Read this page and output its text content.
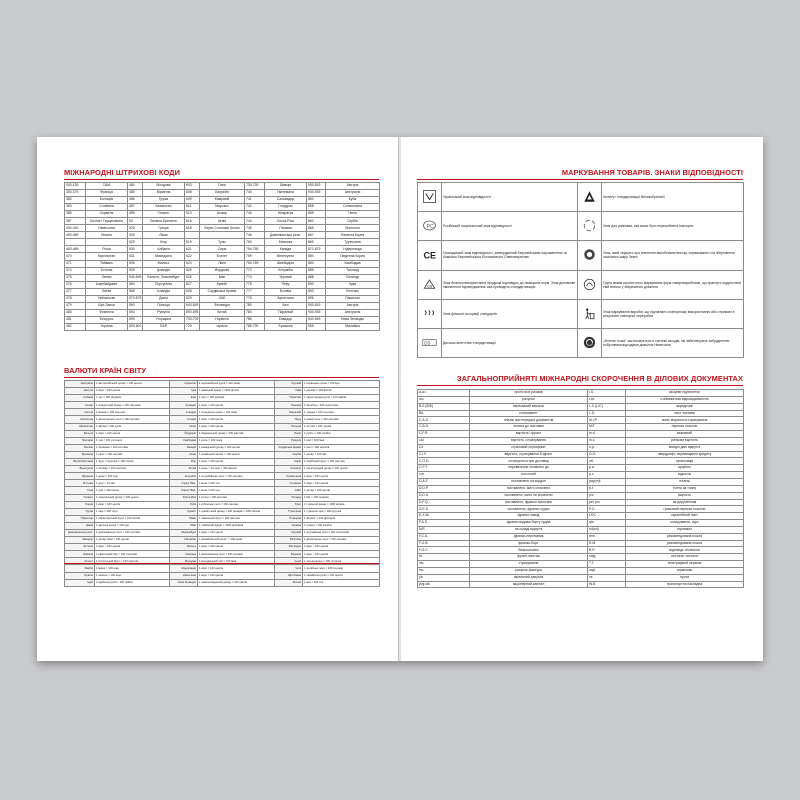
МІЖНАРОДНІ ШТРИХОВІ КОДИ
000-139	США	484	Молдова	603	Гана	730-739	Швеція	900-919	Австрія
300-379	Франція	485	Вірменія	608	Бахрейн	740	Гватемала	930-939	Австралія
380	Болгарія	486	Грузія	609	Маврикій	741	Сальвадор	850	Куба
383	Словенія	487	Казахстан	611	Марокко	742	Гондурас	858	Словаччина
385	Хорватія	489	Гонконг	613	Алжир	743	Нікарагуа	859	Чехія
387	Боснія і Герцеговина	50	Велика Британія	616	Кенія	744	Коста-Ріка	860	Сербія
400-440	Німеччина	520	Греція	618	Берег Слонової Кістки	745	Панама	865	Монголія
450-459	Японія	528	Ліван			746	Домініканська респ.	867	Північна Корея
		529	Кіпр	619	Туніс	750	Мексика	869	Туреччина
460-469	Росія	530	Албанія	621	Сирія	754-755	Канада	870-879	Нідерланди
470	Киргизстан	531	Македонія	622	Єгипет	759	Венесуела	880	Південна Корея
471	Тайвань	535	Мальта	624	Лівія	760-769	Швейцарія	884	Камбоджа
474	Естонія	539	Ірландія	625	Йорданія	770	Колумбія	885	Таїланд
475	Латвія	540-549	Бельгія, Люксембург	626	Іран	773	Уругвай	888	Сінгапур
476	Азербайджан	560	Португалія	627	Кувейт	775	Перу	890	Індія
477	Литва	569	Ісландія	628	Саудівська Аравія	777	Болівія	893	В'єтнам
478	Узбекистан	570-579	Данія	629	ОАЕ	779	Аргентина	896	Пакистан
479	Шрі-Ланка	590	Польща	640-649	Фінляндія	780	Чилі	900-919	Австрія
480	Філіппіни	594	Румунія	690-695	Китай	784	Парагвай	930-939	Австралія
481	Білорусь	599	Угорщина	700-709	Норвегія	786	Еквадор	940-949	Нова Зеландія
482	Україна	600-601	ПАР	729	Ізраїль	789-790	Бразилія	955	Малайзія
ВАЛЮТИ КРАЇН СВІТУ
Австралія	1 австралійський долар = 100 центів	Індонезія	1 індонезійська рупія = 100 сенів	Уругвай	1 норвезька крона = 100 ере
Австрія	1 євро = 100 центів	Ірак	1 іракський динар = 1000 філсів	ОАЕ	1 дирхам = 100 філсів
Албанія	1 лек = 100 кіндарок	Іран	1 ріал = 100 динарів	Пакистан	1 пакистанська рупія = 100 пайсів
Алжир	1 алжирський динар = 100 сантимів	Ірландія	1 євро = 100 центів	Панама	1 бальбоа = 100 сентесимо
Ангола	1 кванза = 100 сентимо	Ісландія	1 ісландська крона = 100 ейре	Парагвай	1 гуарані = 100 сентимо
Аргентина	1 аргентинське песо = 100 сентаво	Іспанія	1 євро = 100 центів	Перу	1 новий соль = 100 сентимо
Афганістан	1 афгані = 100 пулів	Італія	1 євро = 100 центів	Польща	1 злотий = 100 грошів
Бельгія	1 євро = 100 центів	Йорданія	1 йорданський динар = 100 піастрів	Росія	1 рубль = 100 копійок
Болгарія	1 лев = 100 стотинок	Камбоджа	1 рієль = 100 сенів	Румунія	1 лей = 100 бані
Болівія	1 болівіано = 100 сентаво	Канада	1 канадський долар = 100 центів	Саудівська Аравія	1 ріал = 100 халалів
Бразилія	1 реал = 100 сентаво	Кенія	1 кенійський шилінг = 100 центів	Сербія	1 динар = 100 пар
Великобританія	1 фунт стерлінгів = 100 пенсів	Кіпр	1 євро = 100 центів	Сирія	1 сирійський фунт = 100 піастрів
Венесуела	1 боліваp = 100 сентимо	Китай	1 юань = 10 цзяо = 100 феней	Сінгапур	1 сінгапурський долар = 100 центів
Вірменія	1 драм = 100 лум	Колумбія	1 колумбійське песо = 100 сентаво	Словаччина	1 євро = 100 центів
В'єтнам	1 донг = 10 хао	Корея Півн.	1 вона = 100 чон	Словенія	1 євро = 100 центів
Гана	1 седі = 100 песев	Корея Півд.	1 вона = 100 чон	США	1 долар = 100 центів
Гонконг	1 гонконгський долар = 100 центів	Коста-Ріка	1 колон = 100 сентимо	Таїланд	1 бат = 100 сатангів
Греція	1 євро = 100 центів	Куба	1 кубинське песо = 100 сентаво	Туніс	1 туніський динар = 1000 мілімів
Грузія	1 ларі = 100 тетрі	Кувейт	1 кувейтський динар = 100 динарів = 1000 філсів	Туреччина	1 турецька ліра = 100 курушів
Гібралтар	1 гібралтарський фунт = 100 пенсів	Ліван	1 ліванський фунт = 100 піастрів	Угорщина	1 форинт = 100 філлерів
Данія	1 данська крона = 100 ере	Лівія	1 лівійський динар = 1000 дирхамів	Україна	1 гривня = 100 копійок
Домініканська респ.	1 домініканське песо = 100 сентаво	Люксембург	1 євро = 100 центів	Уругвай	1 уругвайське песо = 100 сентесимо
Еквадор	1 долар США = 100 центів	Малайзія	1 малайзійський рингіт = 100 сенів	Філіппіни	1 філіппінське песо = 100 сентаво
Естонія	1 євро = 100 центів	Мальта	1 євро = 100 центів	Фінляндія	1 євро = 100 центів
Ефіопія	1 ефіопський бир = 100 сантимів	Мексика	1 мексиканське песо = 100 сентаво	Франція	1 євро = 100 центів
Єгипет	1 єгипетський фунт = 100 піастрів	Молдова	1 молдавський лей = 100 бані	Чехія	1 чеська крона = 100 геллерів
Замбія	1 квача = 100 нгве	Нідерланди	1 євро = 100 центів	Чилі	1 чилійське песо = 100 сентаво
Ізраїль	1 шекель = 100 агор	Німеччина	1 євро = 100 центів	Шрі-Ланка	1 ланкійська рупія = 100 центів
Індія	1 індійська рупія = 100 пайсів	Нова Зеландія	1 новозеландський долар = 100 центів	Японія	1 єна = 100 сен
МАРКУВАННЯ ТОВАРІВ. ЗНАКИ ВІДПОВІДНОСТІ
	Український знак відповідності		Інститут стандартизації Великобританії

РС	Російський національний знак відповідності		Знак для упаковки, яка може бути перероблена повторно

CE	Громадський знак відповідності, затверджений Європейським парламентом та Комісією Європейського Економічного Співтовариства		Знак, який свідчить про внесення виробником внеску, спрямованого на збереження озонового шару Землі

GS	Знак безпеки використання продукції відповідно до німецьких норм. Знак допоможе хвилинного підтвердження, яка проводить стандартизацію		Група знаків екологічного маркування фірм-товаровиробників, що прагнуть підкреслити свій внесок у збереження довкілля
	Знак фінської асоціації стандартів		Знак маркування виробів, що підлягають повторному використанню або отримані в результаті повторної переробки

DS	Датська агентство стандартизації		„Зелена точка" застосовується в системі заходів, які забезпечують забрудненню побутовими відходами довкілля Німеччини
ЗАГАЛЬНОПРИЙНЯТІ МІЖНАРОДНІ СКОРОЧЕННЯ В ДІЛОВИХ ДОКУМЕНТАХ
a.a.r.	проти всіх ризиків	I.S.	місцеве піднесення
a/c	рахунок	Ltd.	з обмеженою відповідальністю
B.E.(B/E)	переказний вексель	L.C.(L/C)	акредитив
B/L	коносамент	L.D.	лист застави
C.A.D.	платіж при передачі документів	M.I.P.	поліс морського страхування
C.B.D.	оплата до поставки	M/T	переказ поштою
C.F.R.	вартість і фрахт	m.d.	взаємний
c&i	вартість і страхування	m.v.	ринкова вартість
C/I	страховий сертифікат	n.p.	вихідні дані відсутні
C.I.F.	вартість, страхування й фрахт	O.D.	овердрафт, перевищення кредиту
C.O.D.	сплачується при доставці	off.	пропозиція
C.P.T.	перевезення сплачено до	p.a.	щорічно
cur.	поточний	p.c.	відсоток
D.A.F.	поставлено на кордон	pay(m)t	платіж
D.D.P.	поставлено, мито сплачено	p.t.	тонна за тонну
D.D.U.	поставлено, мито не сплачено	p/c	вартість
D.F.Q.	поставлено, франко-пристань	per pro	за дорученням
D.E.S.	поставлено, франко-судно	P.O.	грошовий переказ поштою
E.X.W.	франко завод	LOC	гарантійний лист
F.A.S.	франко вздовж борту судна	qtn	котирування, курс
N/S	на складі відсутні	rct(cd)	отримано
F.C.A.	франко-перевізник	rem.	рекомендована пошта
F.O.B.	франко-борт	R.M.	рекомендована пошта
F.O.C.	безкоштовно	R.P.	відповідь оплачена
frt.	фрахт, вантаж	shtg.	нестача, нестача
ins.	страхування	T.T.	телеграфний переказ
inv.	рахунок-фактура	urgt	терміново
j/a	загальний рахунок	vs	проти
j/vg.stk	акціонерний капітал	W.B.	транспортна накладна
